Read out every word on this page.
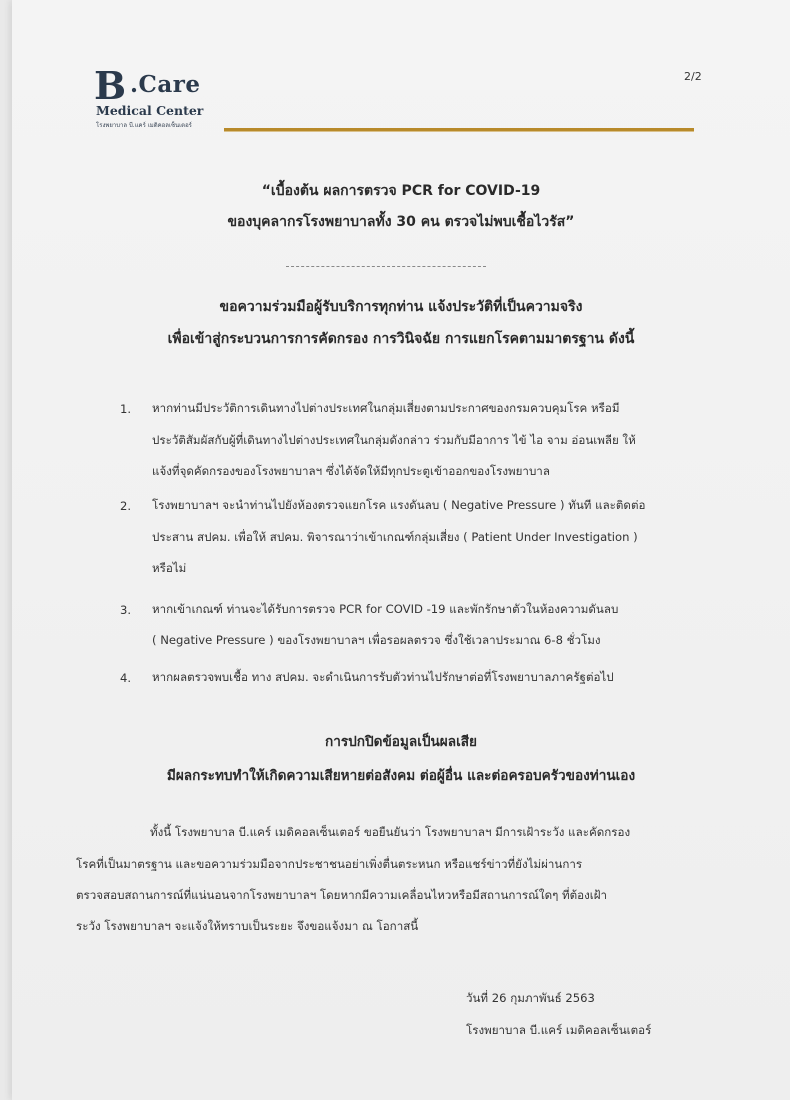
B .Care
Medical Center
โรงพยาบาล บี.แคร์ เมดิคอลเซ็นเตอร์
2/2
“เบื้องต้น ผลการตรวจ PCR for COVID-19
ของบุคลากรโรงพยาบาลทั้ง 30 คน ตรวจไม่พบเชื้อไวรัส”
ขอความร่วมมือผู้รับบริการทุกท่าน แจ้งประวัติที่เป็นความจริง
เพื่อเข้าสู่กระบวนการการคัดกรอง การวินิจฉัย การแยกโรคตามมาตรฐาน ดังนี้
1. หากท่านมีประวัติการเดินทางไปต่างประเทศในกลุ่มเสี่ยงตามประกาศของกรมควบคุมโรค หรือมี
ประวัติสัมผัสกับผู้ที่เดินทางไปต่างประเทศในกลุ่มดังกล่าว ร่วมกับมีอาการ ไข้ ไอ จาม อ่อนเพลีย ให้
แจ้งที่จุดคัดกรองของโรงพยาบาลฯ ซึ่งได้จัดให้มีทุกประตูเข้าออกของโรงพยาบาล
2. โรงพยาบาลฯ จะนำท่านไปยังห้องตรวจแยกโรค แรงดันลบ ( Negative Pressure ) ทันที และติดต่อ
ประสาน สปคม. เพื่อให้ สปคม. พิจารณาว่าเข้าเกณฑ์กลุ่มเสี่ยง ( Patient Under Investigation )
หรือไม่
3. หากเข้าเกณฑ์ ท่านจะได้รับการตรวจ PCR for COVID -19 และพักรักษาตัวในห้องความดันลบ
( Negative Pressure ) ของโรงพยาบาลฯ เพื่อรอผลตรวจ ซึ่งใช้เวลาประมาณ 6-8 ชั่วโมง
4. หากผลตรวจพบเชื้อ ทาง สปคม. จะดำเนินการรับตัวท่านไปรักษาต่อที่โรงพยาบาลภาครัฐต่อไป
การปกปิดข้อมูลเป็นผลเสีย
มีผลกระทบทำให้เกิดความเสียหายต่อสังคม ต่อผู้อื่น และต่อครอบครัวของท่านเอง
ทั้งนี้ โรงพยาบาล บี.แคร์ เมดิคอลเซ็นเตอร์ ขอยืนยันว่า โรงพยาบาลฯ มีการเฝ้าระวัง และคัดกรอง
โรคที่เป็นมาตรฐาน และขอความร่วมมือจากประชาชนอย่าเพิ่งตื่นตระหนก หรือแชร์ข่าวที่ยังไม่ผ่านการ
ตรวจสอบสถานการณ์ที่แน่นอนจากโรงพยาบาลฯ โดยหากมีความเคลื่อนไหวหรือมีสถานการณ์ใดๆ ที่ต้องเฝ้า
ระวัง โรงพยาบาลฯ จะแจ้งให้ทราบเป็นระยะ จึงขอแจ้งมา ณ โอกาสนี้
วันที่ 26 กุมภาพันธ์ 2563
โรงพยาบาล บี.แคร์ เมดิคอลเซ็นเตอร์
